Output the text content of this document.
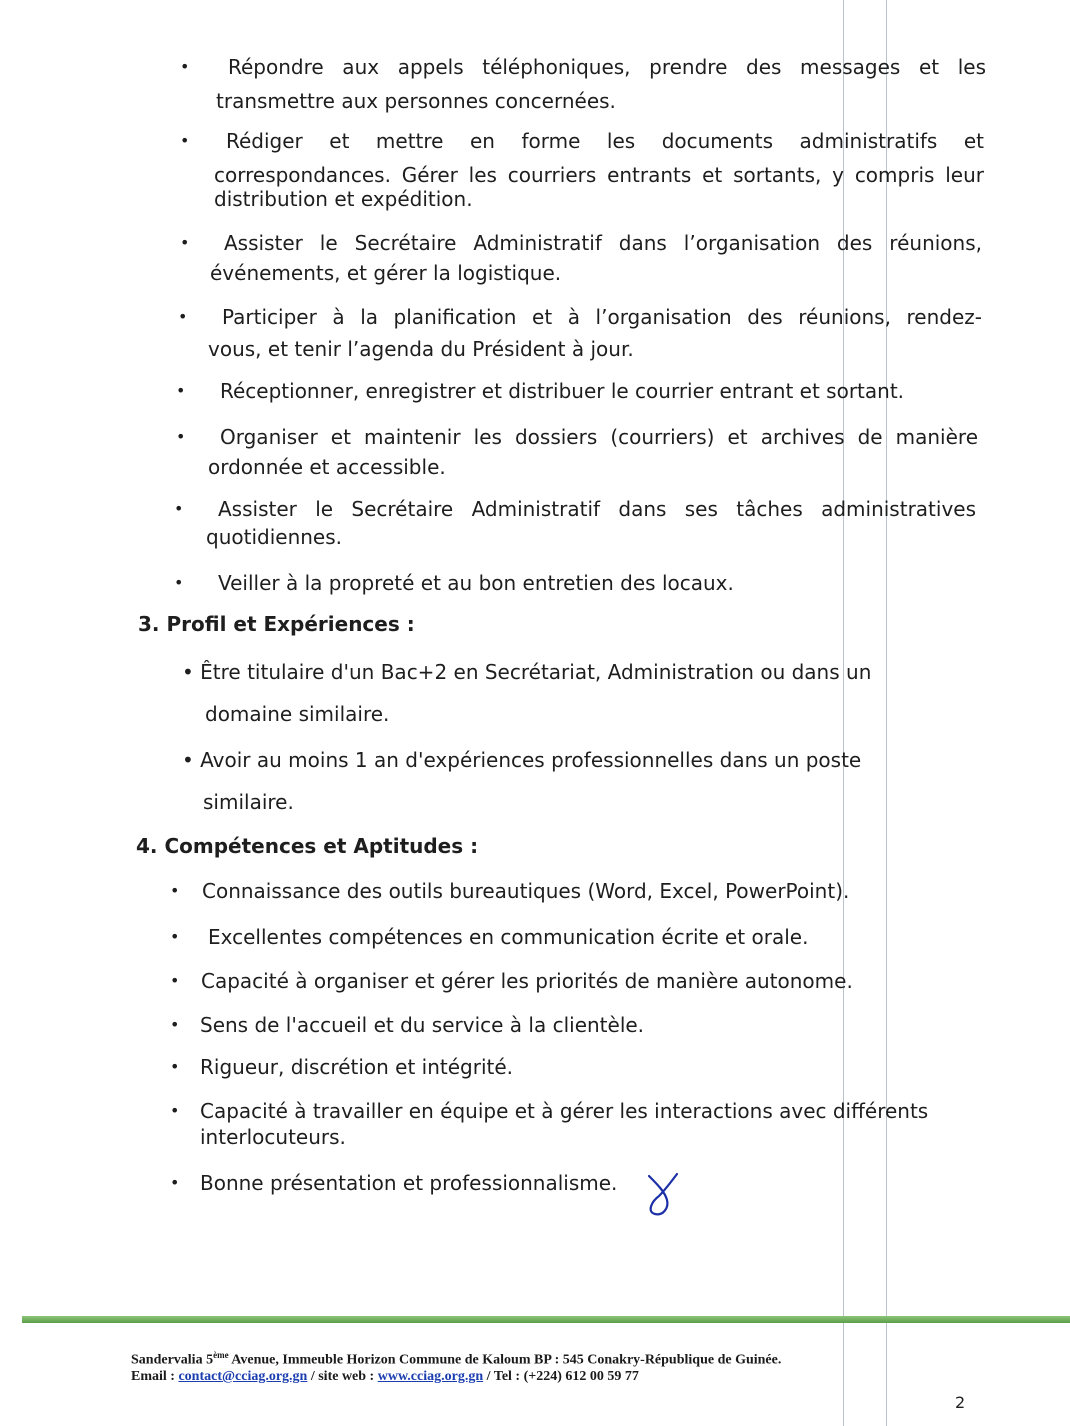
• Répondre aux appels téléphoniques, prendre des messages et les
transmettre aux personnes concernées.
• Rédiger et mettre en forme les documents administratifs et
correspondances. Gérer les courriers entrants et sortants, y compris leur
distribution et expédition.
• Assister le Secrétaire Administratif dans l’organisation des réunions,
événements, et gérer la logistique.
• Participer à la planification et à l’organisation des réunions, rendez-
vous, et tenir l’agenda du Président à jour.
• Réceptionner, enregistrer et distribuer le courrier entrant et sortant.
• Organiser et maintenir les dossiers (courriers) et archives de manière
ordonnée et accessible.
• Assister le Secrétaire Administratif dans ses tâches administratives
quotidiennes.
• Veiller à la propreté et au bon entretien des locaux.
3. Profil et Expériences :
• Être titulaire d'un Bac+2 en Secrétariat, Administration ou dans un
domaine similaire.
• Avoir au moins 1 an d'expériences professionnelles dans un poste
similaire.
4. Compétences et Aptitudes :
• Connaissance des outils bureautiques (Word, Excel, PowerPoint).
• Excellentes compétences en communication écrite et orale.
• Capacité à organiser et gérer les priorités de manière autonome.
• Sens de l'accueil et du service à la clientèle.
• Rigueur, discrétion et intégrité.
• Capacité à travailler en équipe et à gérer les interactions avec différents
interlocuteurs.
• Bonne présentation et professionnalisme.
Sandervalia 5ème Avenue, Immeuble Horizon Commune de Kaloum BP : 545 Conakry-République de Guinée.
Email : contact@cciag.org.gn / site web : www.cciag.org.gn / Tel : (+224) 612 00 59 77
2
